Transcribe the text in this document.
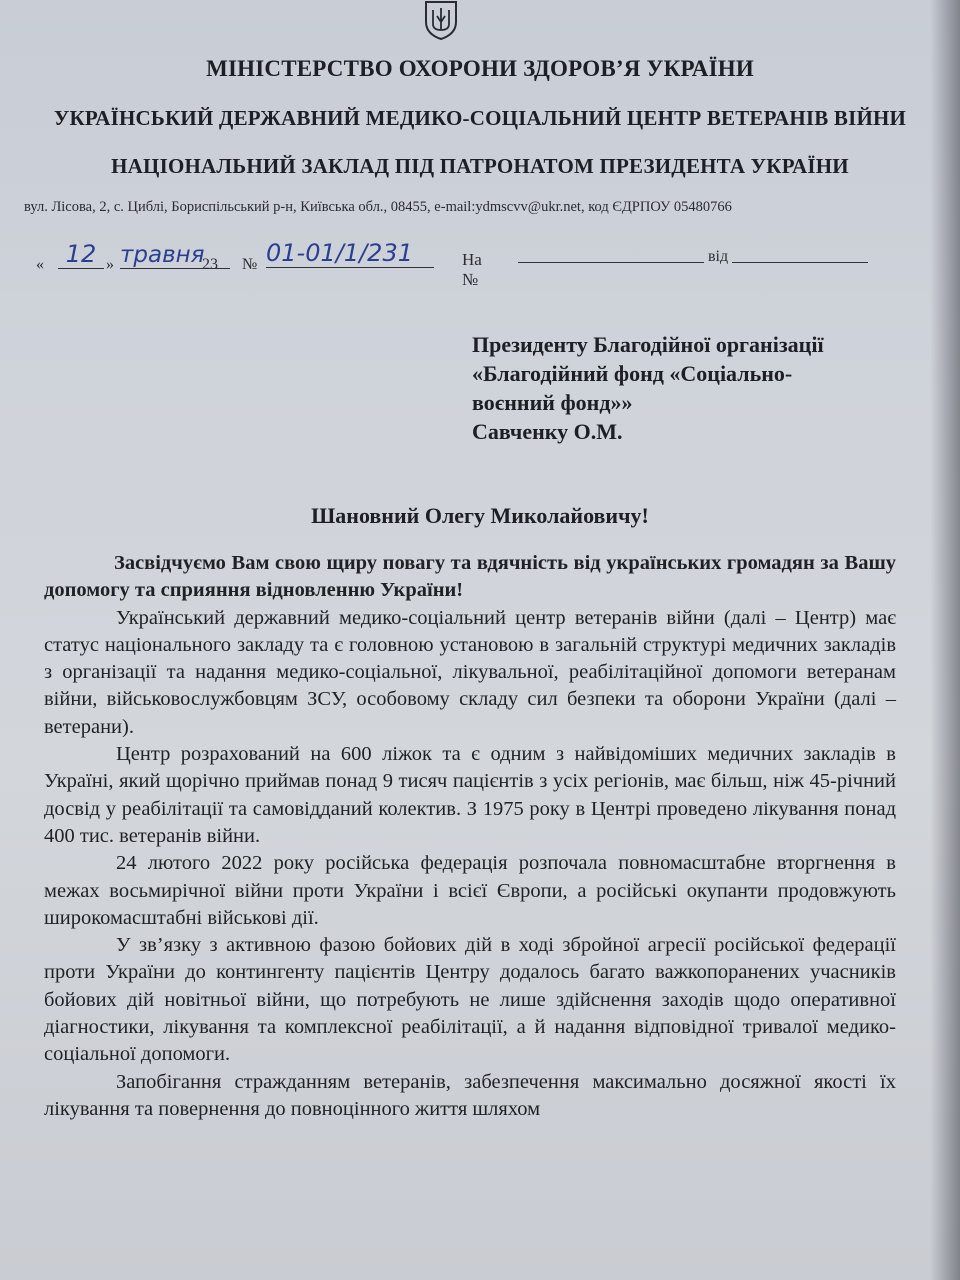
МІНІСТЕРСТВО ОХОРОНИ ЗДОРОВ’Я УКРАЇНИ
УКРАЇНСЬКИЙ ДЕРЖАВНИЙ МЕДИКО-СОЦІАЛЬНИЙ ЦЕНТР ВЕТЕРАНІВ ВІЙНИ
НАЦІОНАЛЬНИЙ ЗАКЛАД ПІД ПАТРОНАТОМ ПРЕЗИДЕНТА УКРАЇНИ
вул. Лісова, 2, с. Циблі, Бориспільський р-н, Київська обл., 08455, e-mail:ydmscvv@ukr.net, код ЄДРПОУ 05480766
« 12 » травня
23 № 01-01/1/231	На №
від
Президенту Благодійної організації
«Благодійний фонд «Соціально-
воєнний фонд»»
Савченку О.М.
Шановний Олегу Миколайовичу!

Засвідчуємо Вам свою щиру повагу та вдячність від українських громадян за Вашу допомогу та сприяння відновленню України!

Український державний медико-соціальний центр ветеранів війни (далі – Центр) має статус національного закладу та є головною установою в загальній структурі медичних закладів з організації та надання медико-соціальної, лікувальної, реабілітаційної допомоги ветеранам війни, військовослужбовцям ЗСУ, особовому складу сил безпеки та оборони України (далі – ветерани).

Центр розрахований на 600 ліжок та є одним з найвідоміших медичних закладів в Україні, який щорічно приймав понад 9 тисяч пацієнтів з усіх регіонів, має більш, ніж 45-річний досвід у реабілітації та самовідданий колектив. З 1975 року в Центрі проведено лікування понад 400 тис. ветеранів війни.

24 лютого 2022 року російська федерація розпочала повномасштабне вторгнення в межах восьмирічної війни проти України і всієї Європи, а російські окупанти продовжують широкомасштабні військові дії.

У зв’язку з активною фазою бойових дій в ході збройної агресії російської федерації проти України до контингенту пацієнтів Центру додалось багато важкопоранених учасників бойових дій новітньої війни, що потребують не лише здійснення заходів щодо оперативної діагностики, лікування та комплексної реабілітації, а й надання відповідної тривалої медико-соціальної допомоги.

Запобігання стражданням ветеранів, забезпечення максимально досяжної якості їх лікування та повернення до повноцінного життя шляхом
